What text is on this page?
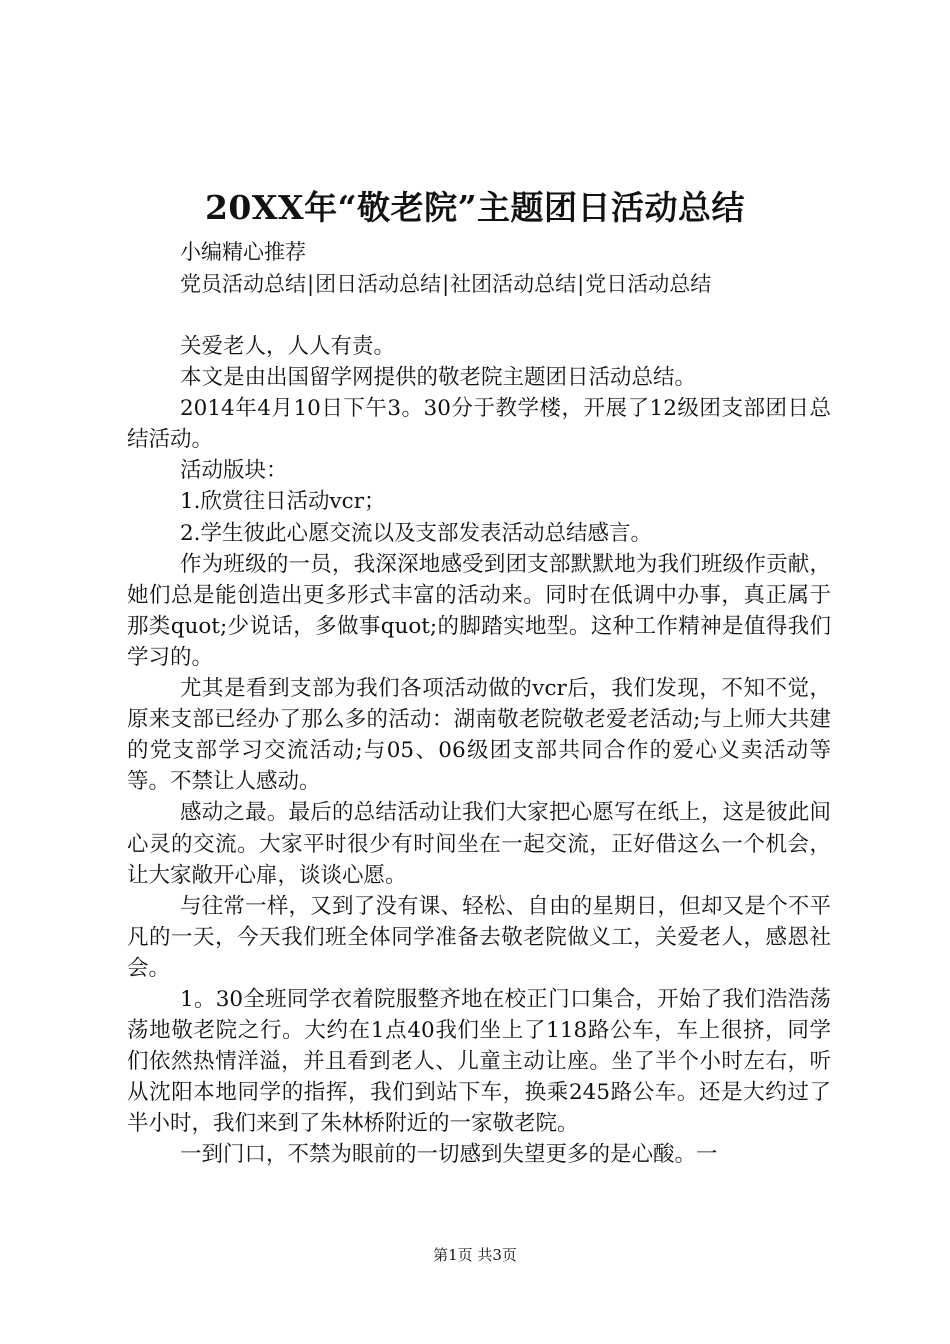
20XX年“敬老院”主题团日活动总结
小编精心推荐
党员活动总结|团日活动总结|社团活动总结|党日活动总结

关爱老人，人人有责。

本文是由出国留学网提供的敬老院主题团日活动总结。

2014年4月10日下午3。30分于教学楼，开展了12级团支部团日总结活动。

活动版块：

1.欣赏往日活动vcr；

2.学生彼此心愿交流以及支部发表活动总结感言。

作为班级的一员，我深深地感受到团支部默默地为我们班级作贡献，她们总是能创造出更多形式丰富的活动来。同时在低调中办事，真正属于那类quot;少说话，多做事quot;的脚踏实地型。这种工作精神是值得我们学习的。

尤其是看到支部为我们各项活动做的vcr后，我们发现，不知不觉，原来支部已经办了那么多的活动：湖南敬老院敬老爱老活动;与上师大共建的党支部学习交流活动;与05、06级团支部共同合作的爱心义卖活动等等。不禁让人感动。

感动之最。最后的总结活动让我们大家把心愿写在纸上，这是彼此间心灵的交流。大家平时很少有时间坐在一起交流，正好借这么一个机会，让大家敞开心扉，谈谈心愿。

与往常一样，又到了没有课、轻松、自由的星期日，但却又是个不平凡的一天，今天我们班全体同学准备去敬老院做义工，关爱老人，感恩社会。

1。30全班同学衣着院服整齐地在校正门口集合，开始了我们浩浩荡荡地敬老院之行。大约在1点40我们坐上了118路公车，车上很挤，同学们依然热情洋溢，并且看到老人、儿童主动让座。坐了半个小时左右，听从沈阳本地同学的指挥，我们到站下车，换乘245路公车。还是大约过了半小时，我们来到了朱林桥附近的一家敬老院。

一到门口，不禁为眼前的一切感到失望更多的是心酸。一

第1页 共3页
